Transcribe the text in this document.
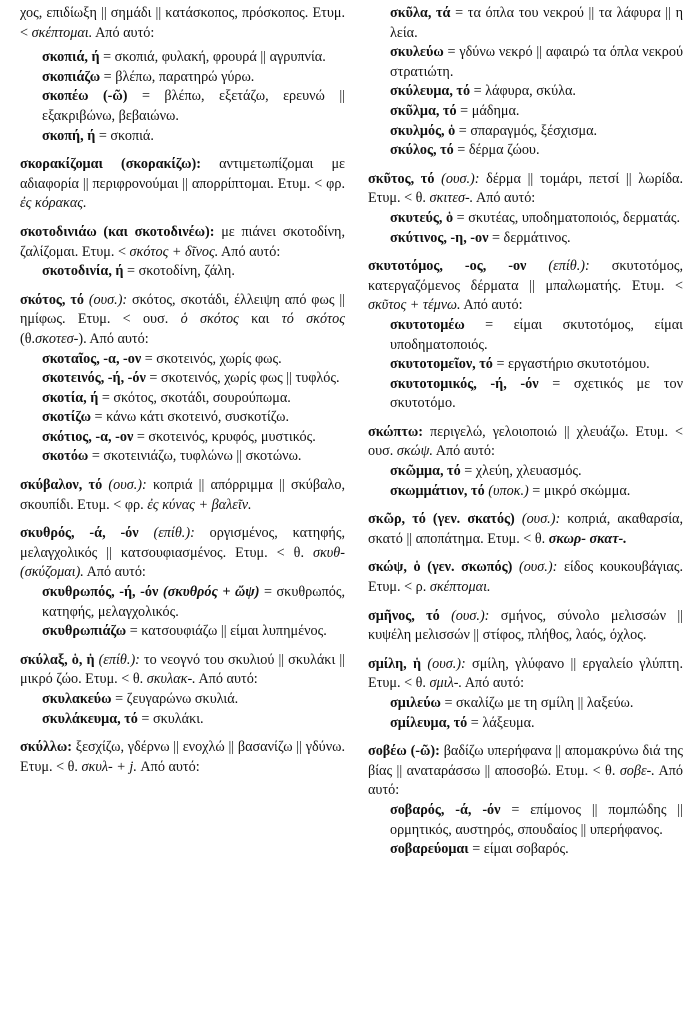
χος, επιδίωξη || σημάδι || κατάσκοπος, πρόσκοπος. Ετυμ. < σκέπτομαι. Από αυτό:

σκοπιά, ή = σκοπιά, φυλακή, φρουρά || αγρυπνία.

σκοπιάζω = βλέπω, παρατηρώ γύρω.

σκοπέω (-ῶ) = βλέπω, εξετάζω, ερευνώ || εξακριβώνω, βεβαιώνω.

σκοπή, ή = σκοπιά.

σκορακίζομαι (σκορακίζω): αντιμετωπίζομαι με αδιαφορία || περιφρονούμαι || απορρίπτομαι. Ετυμ. < φρ. ἐς κόρακας.

σκοτοδινιάω (και σκοτοδινέω): με πιάνει σκοτοδίνη, ζαλίζομαι. Ετυμ. < σκότος + δῖνος. Από αυτό:

σκοτοδινία, ή = σκοτοδίνη, ζάλη.

σκότος, τό (ουσ.): σκότος, σκοτάδι, έλλειψη από φως || ημίφως. Ετυμ. < ουσ. ὁ σκότος και τό σκότος (θ.σκοτεσ-). Από αυτό:

σκοταῖος, -α, -ον = σκοτεινός, χωρίς φως.

σκοτεινός, -ή, -όν = σκοτεινός, χωρίς φως || τυφλός.

σκοτία, ή = σκότος, σκοτάδι, σουρούπωμα.

σκοτίζω = κάνω κάτι σκοτεινό, συσκοτίζω.

σκότιος, -α, -ον = σκοτεινός, κρυφός, μυστικός.

σκοτόω = σκοτεινιάζω, τυφλώνω || σκοτώνω.

σκύβαλον, τό (ουσ.): κοπριά || απόρριμμα || σκύβαλο, σκουπίδι. Ετυμ. < φρ. ἐς κύνας + βαλεῖν.

σκυθρός, -ά, -όν (επίθ.): οργισμένος, κατηφής, μελαγχολικός || κατσουφιασμένος. Ετυμ. < θ. σκυθ- (σκύζομαι). Από αυτό:

σκυθρωπός, -ή, -όν (σκυθρός + ὤψ) = σκυθρωπός, κατηφής, μελαγχολικός.

σκυθρωπιάζω = κατσουφιάζω || είμαι λυπημένος.

σκύλαξ, ὁ, ἡ (επίθ.): το νεογνό του σκυλιού || σκυλάκι || μικρό ζώο. Ετυμ. < θ. σκυλακ-. Από αυτό:

σκυλακεύω = ζευγαρώνω σκυλιά.

σκυλάκευμα, τό = σκυλάκι.

σκύλλω: ξεσχίζω, γδέρνω || ενοχλώ || βασανίζω || γδύνω. Ετυμ. < θ. σκυλ- + j. Από αυτό:

σκῦλα, τά = τα όπλα του νεκρού || τα λάφυρα || η λεία.

σκυλεύω = γδύνω νεκρό || αφαιρώ τα όπλα νεκρού στρατιώτη.

σκύλευμα, τό = λάφυρα, σκύλα.

σκῦλμα, τό = μάδημα.

σκυλμός, ὁ = σπαραγμός, ξέσχισμα.

σκύλος, τό = δέρμα ζώου.

σκῦτος, τό (ουσ.): δέρμα || τομάρι, πετσί || λωρίδα. Ετυμ. < θ. σκιτεσ-. Από αυτό:

σκυτεύς, ὁ = σκυτέας, υποδηματοποιός, δερματάς.

σκύτινος, -η, -ον = δερμάτινος.

σκυτοτόμος, -ος, -ον (επίθ.): σκυτοτόμος, κατεργαζόμενος δέρματα || μπαλωματής. Ετυμ. < σκῦτος + τέμνω. Από αυτό:

σκυτοτομέω = είμαι σκυτοτόμος, είμαι υποδηματοποιός.

σκυτοτομεῖον, τό = εργαστήριο σκυτοτόμου.

σκυτοτομικός, -ή, -όν = σχετικός με τον σκυτοτόμο.

σκώπτω: περιγελώ, γελοιοποιώ || χλευάζω. Ετυμ. < ουσ. σκώψ. Από αυτό:

σκῶμμα, τό = χλεύη, χλευασμός.

σκωμμάτιον, τό (υποκ.) = μικρό σκώμμα.

σκῶρ, τό (γεν. σκατός) (ουσ.): κοπριά, ακαθαρσία, σκατό || αποπάτημα. Ετυμ. < θ. σκωρ- σκατ-.

σκώψ, ὁ (γεν. σκωπός) (ουσ.): είδος κουκουβάγιας. Ετυμ. < ρ. σκέπτομαι.

σμῆνος, τό (ουσ.): σμήνος, σύνολο μελισσών || κυψέλη μελισσών || στίφος, πλήθος, λαός, όχλος.

σμίλη, ἡ (ουσ.): σμίλη, γλύφανο || εργαλείο γλύπτη. Ετυμ. < θ. σμιλ-. Από αυτό:

σμιλεύω = σκαλίζω με τη σμίλη || λαξεύω.

σμίλευμα, τό = λάξευμα.

σοβέω (-ῶ): βαδίζω υπερήφανα || απομακρύνω διά της βίας || αναταράσσω || αποσοβώ. Ετυμ. < θ. σοβε-. Από αυτό:

σοβαρός, -ά, -όν = επίμονος || πομπώδης || ορμητικός, αυστηρός, σπουδαίος || υπερήφανος.

σοβαρεύομαι = είμαι σοβαρός.
